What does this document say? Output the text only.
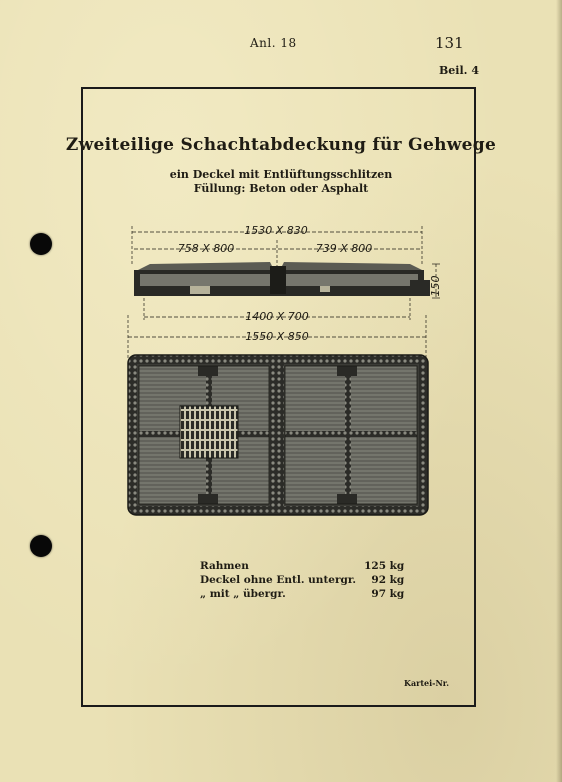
Anl. 18	131
Beil. 4
Zweiteilige Schachtabdeckung für Gehwege
ein Deckel mit Entlüftungsschlitzen
Füllung: Beton oder Asphalt
1530 X 830
758 X 800	739 X 800
150
1400 X 700
1550 X 850
Rahmen	125 kg
Deckel ohne Entl. untergr.	92 kg
„ mit „ übergr.	97 kg
Kartei-Nr.
